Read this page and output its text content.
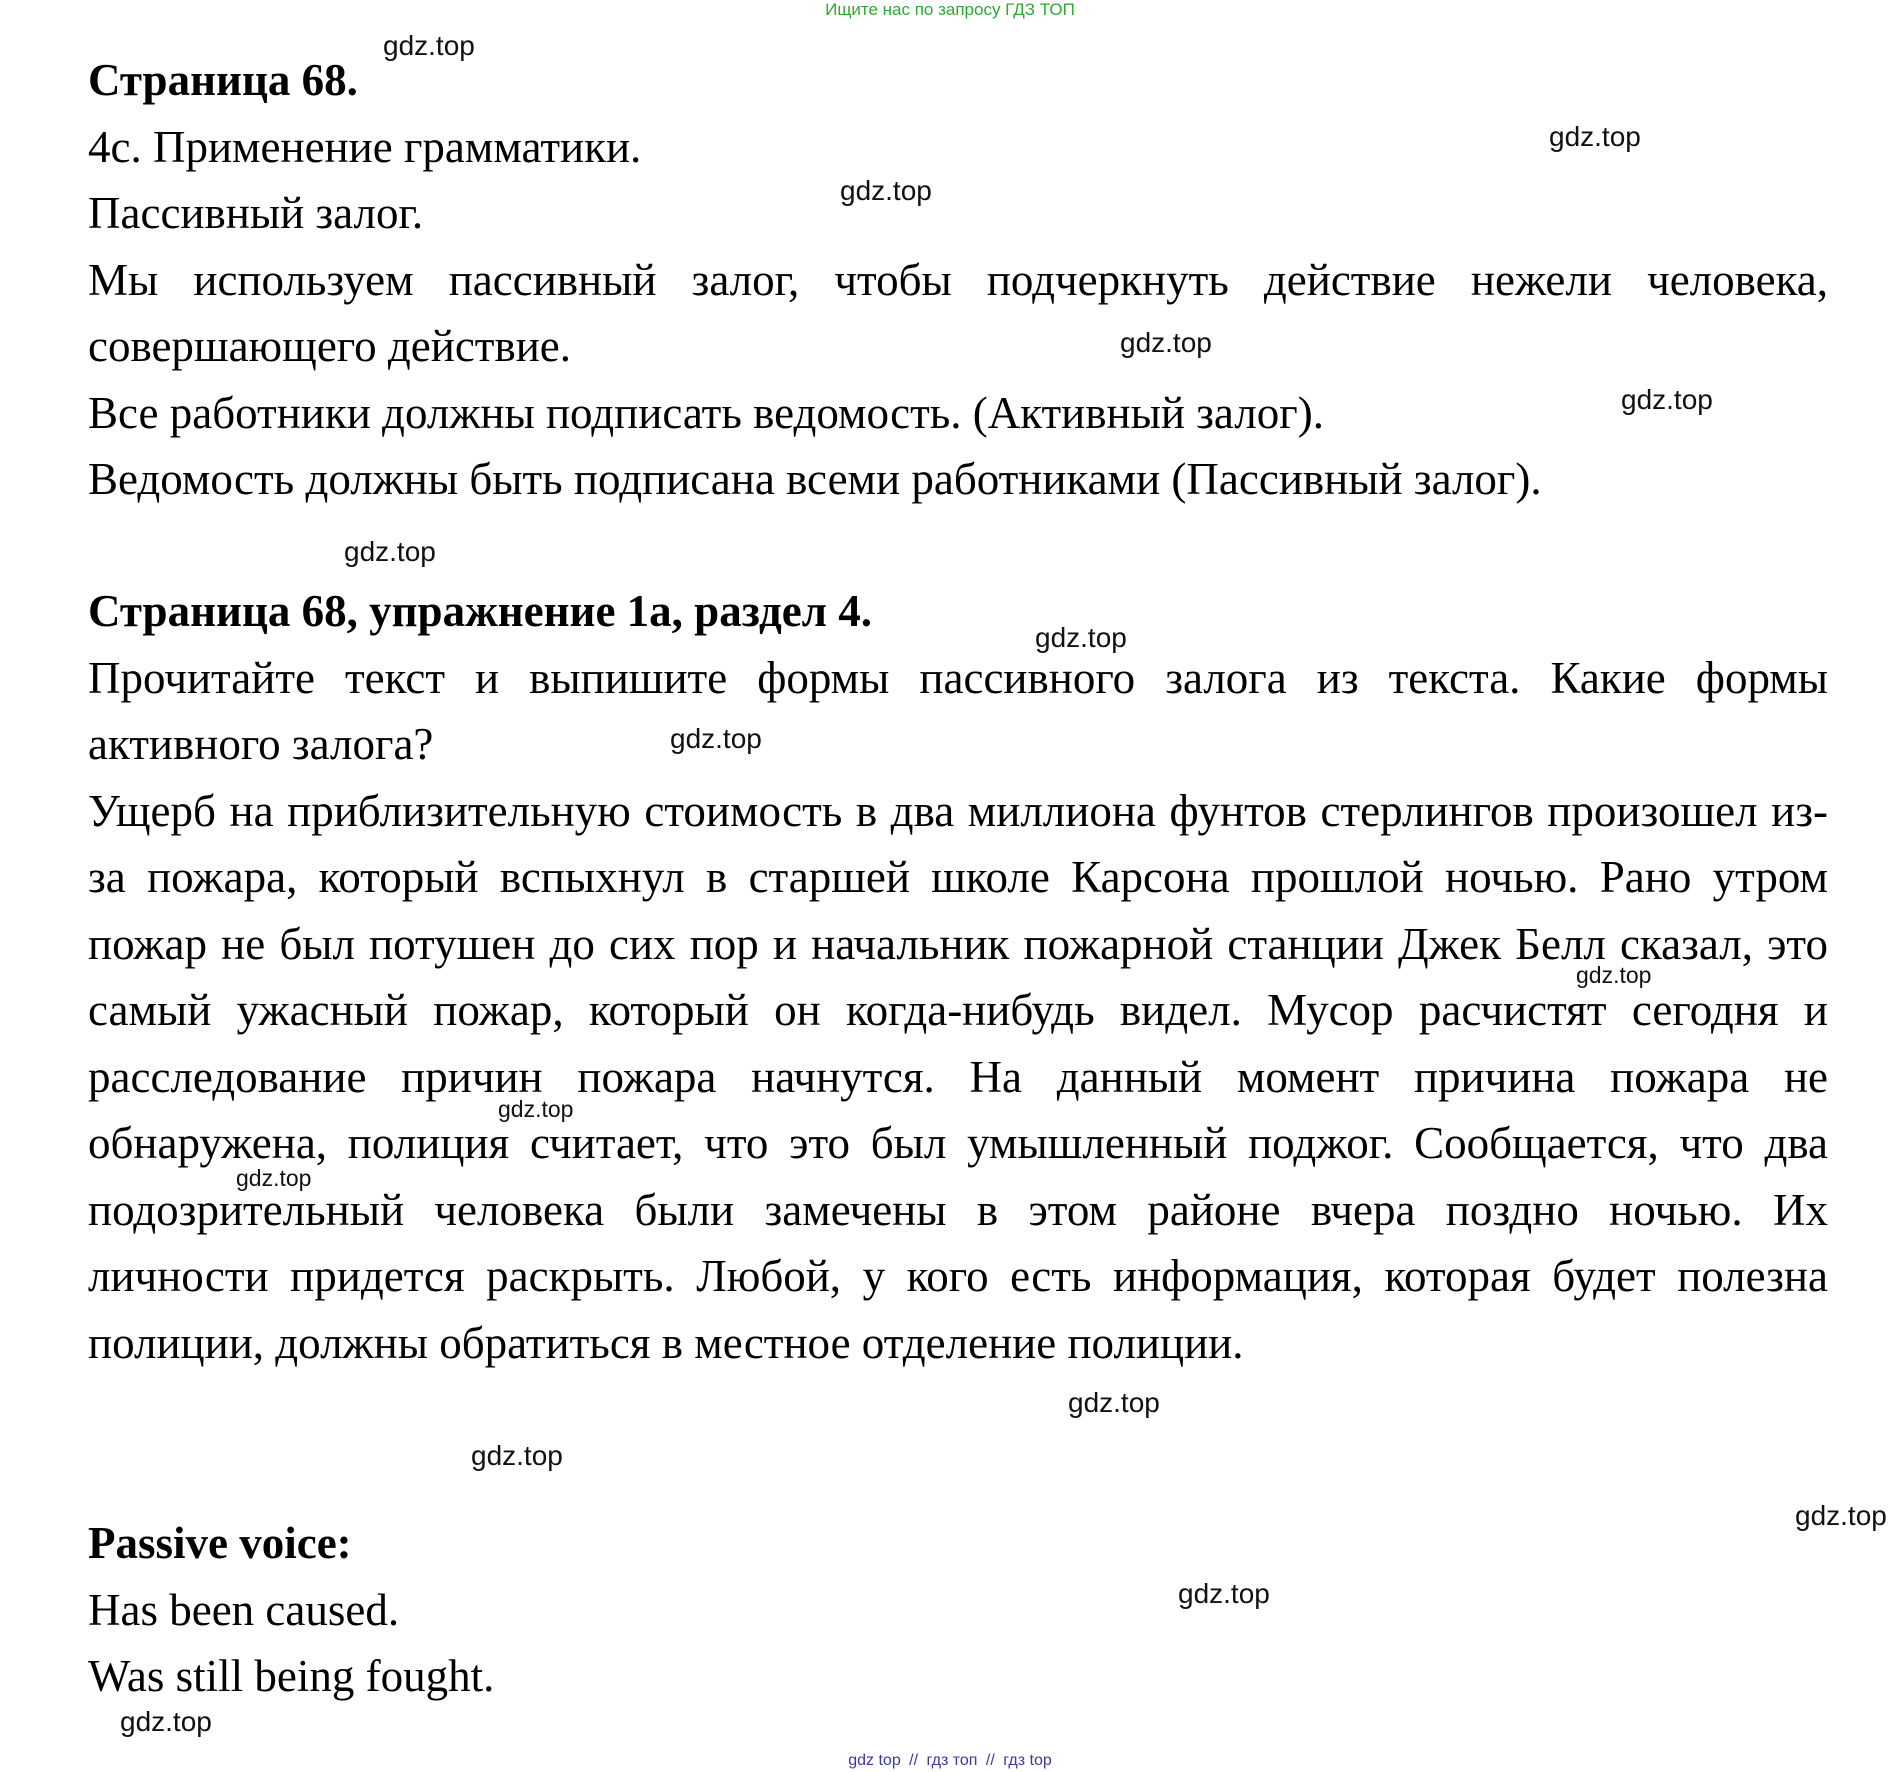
Ищите нас по запросу ГДЗ ТОП

Страница 68.

4c. Применение грамматики.

Пассивный залог.

Мы используем пассивный залог, чтобы подчеркнуть действие нежели человека, совершающего действие.

Все работники должны подписать ведомость. (Активный залог).

Ведомость должны быть подписана всеми работниками (Пассивный залог).

Страница 68, упражнение 1a, раздел 4.

Прочитайте текст и выпишите формы пассивного залога из текста. Какие формы активного залога?

Ущерб на приблизительную стоимость в два миллиона фунтов стерлингов произошел из-за пожара, который вспыхнул в старшей школе Карсона прошлой ночью. Рано утром пожар не был потушен до сих пор и начальник пожарной станции Джек Белл сказал, это самый ужасный пожар, который он когда-нибудь видел. Мусор расчистят сегодня и расследование причин пожара начнутся. На данный момент причина пожара не обнаружена, полиция считает, что это был умышленный поджог. Сообщается, что два подозрительный человека были замечены в этом районе вчера поздно ночью. Их личности придется раскрыть. Любой, у кого есть информация, которая будет полезна полиции, должны обратиться в местное отделение полиции.

Passive voice:

Has been caused.

Was still being fought.

gdz.top
gdz.top
gdz.top
gdz.top
gdz.top
gdz.top
gdz.top
gdz.top
gdz.top
gdz.top
gdz.top
gdz.top
gdz.top
gdz.top
gdz.top
gdz.top
gdz top // гдз топ // гдз top
